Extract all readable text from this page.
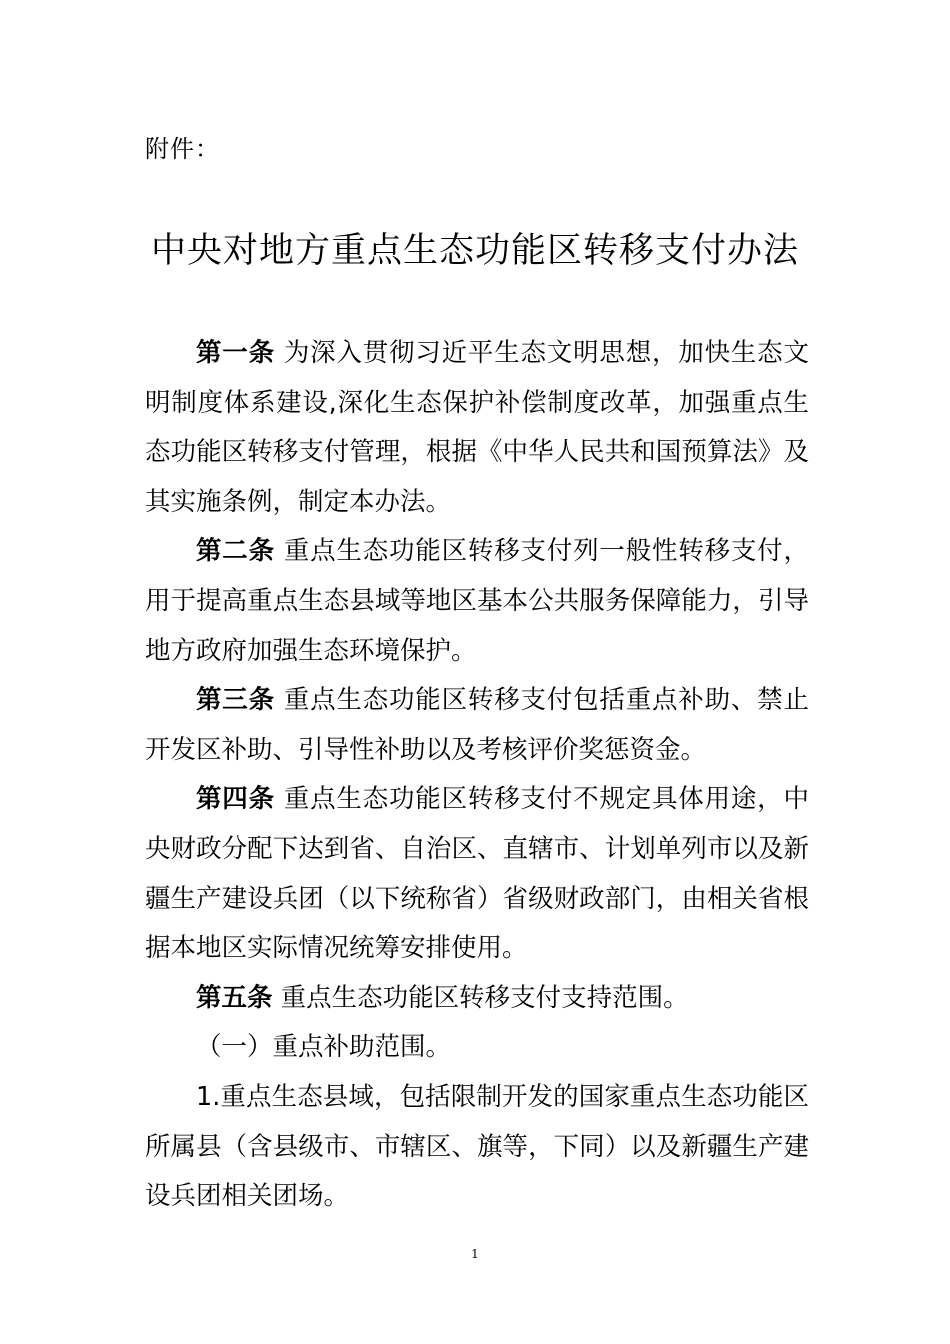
附件：
中央对地方重点生态功能区转移支付办法

第一条 为深入贯彻习近平生态文明思想，加快生态文明制度体系建设,深化生态保护补偿制度改革，加强重点生态功能区转移支付管理，根据《中华人民共和国预算法》及其实施条例，制定本办法。

第二条 重点生态功能区转移支付列一般性转移支付，用于提高重点生态县域等地区基本公共服务保障能力，引导地方政府加强生态环境保护。

第三条 重点生态功能区转移支付包括重点补助、禁止开发区补助、引导性补助以及考核评价奖惩资金。

第四条 重点生态功能区转移支付不规定具体用途，中央财政分配下达到省、自治区、直辖市、计划单列市以及新疆生产建设兵团（以下统称省）省级财政部门，由相关省根据本地区实际情况统筹安排使用。

第五条 重点生态功能区转移支付支持范围。

（一）重点补助范围。

1.重点生态县域，包括限制开发的国家重点生态功能区所属县（含县级市、市辖区、旗等，下同）以及新疆生产建设兵团相关团场。

1
